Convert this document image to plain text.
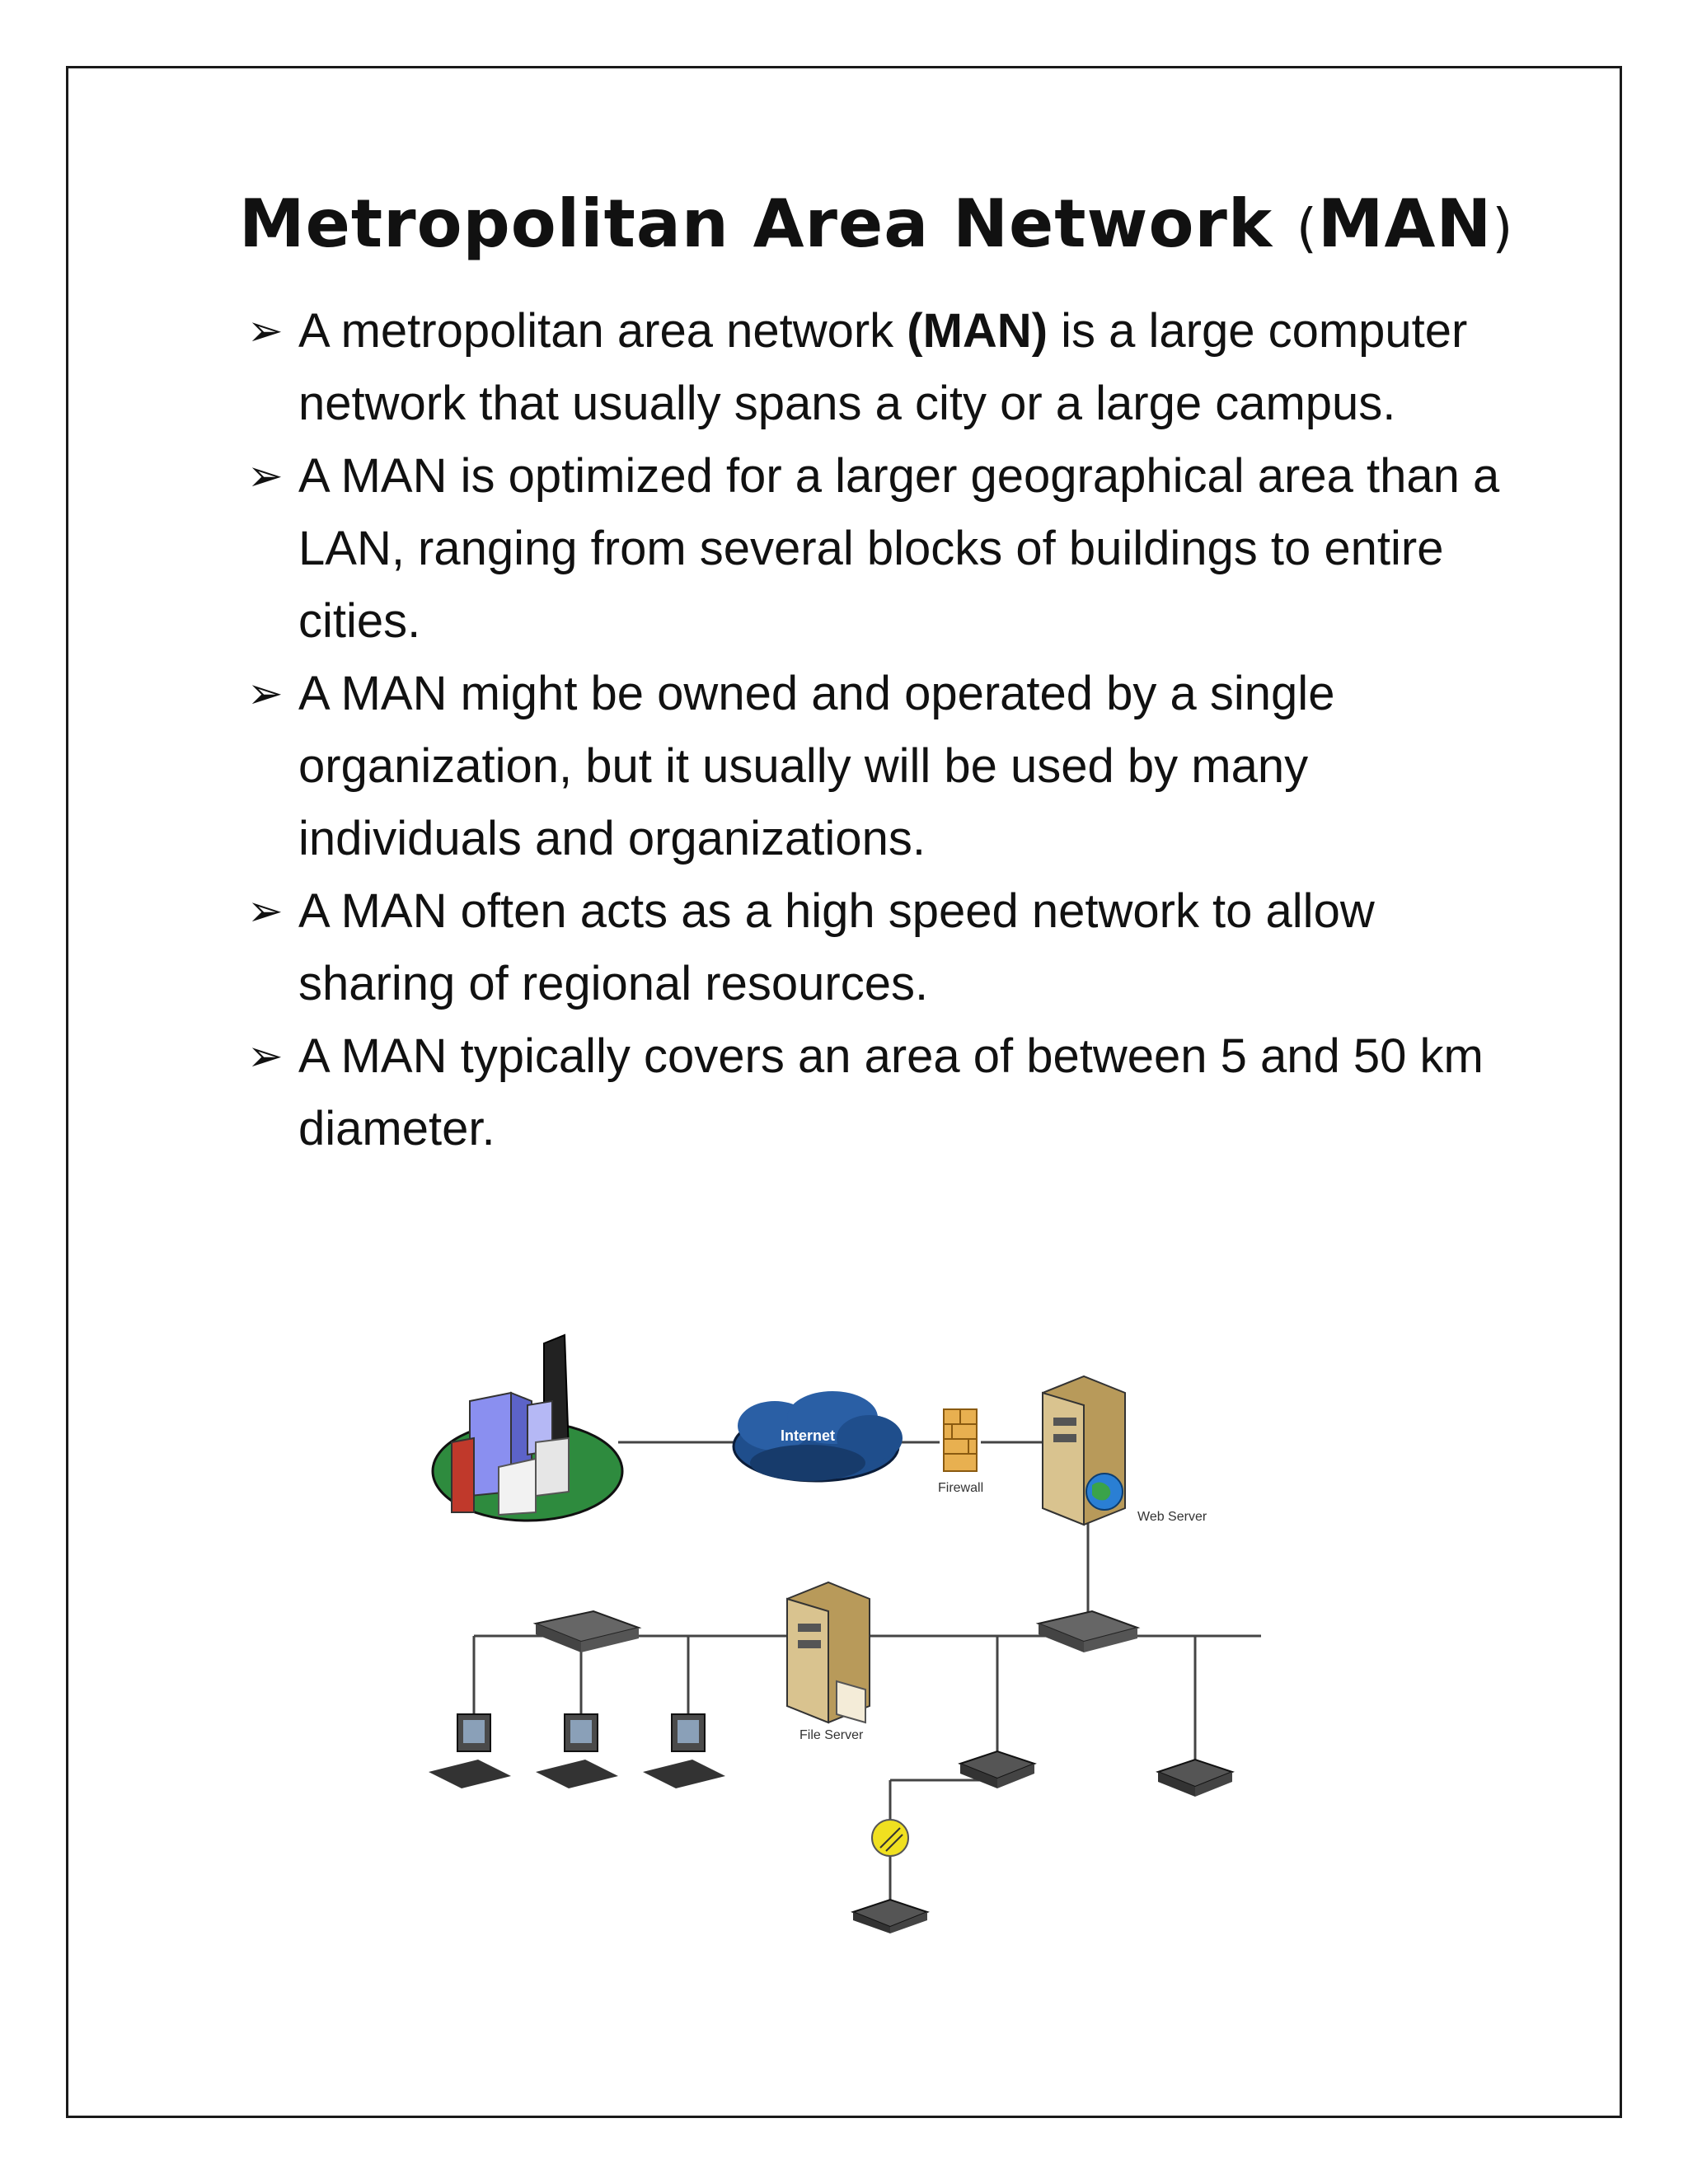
Metropolitan Area Network (MAN)
➢ A metropolitan area network (MAN) is a large computer network that usually spans a city or a large campus.
➢ A MAN is optimized for a larger geographical area than a LAN, ranging from several blocks of buildings to entire cities.
➢ A MAN might be owned and operated by a single organization, but it usually will be used by many individuals and organizations.
➢ A MAN often acts as a high speed network to allow sharing of regional resources.
➢ A MAN typically covers an area of between 5 and 50 km diameter.
Internet
Firewall
Web Server
File Server
